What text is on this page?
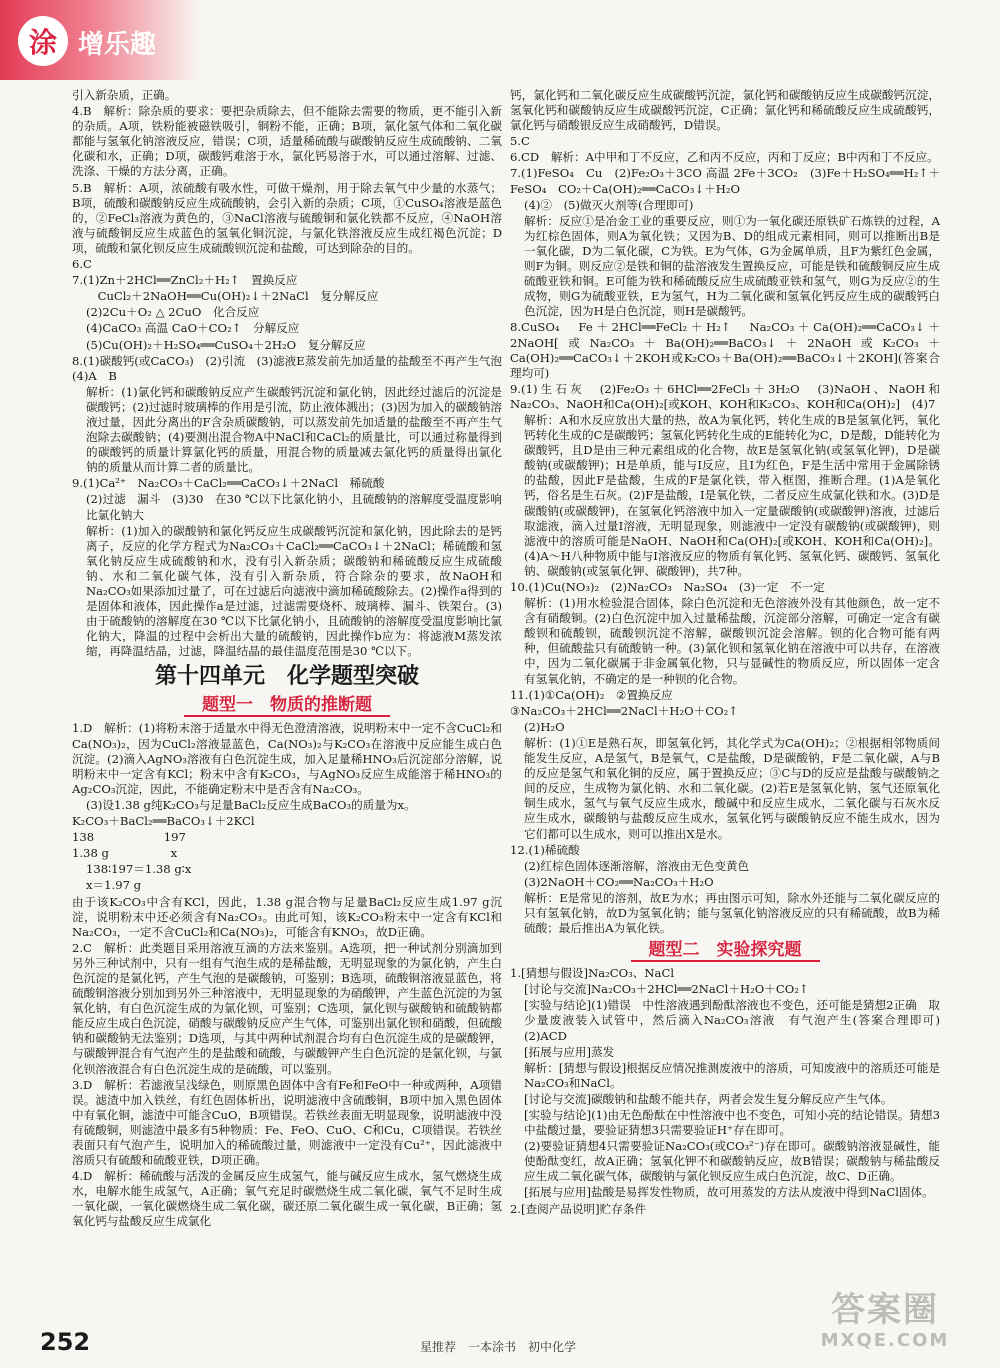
涂 增乐趣

引入新杂质，正确。

4.B　解析：除杂质的要求：要把杂质除去，但不能除去需要的物质，更不能引入新的杂质。A项，铁粉能被磁铁吸引，铜粉不能，正确；B项，氯化氢气体和二氧化碳都能与氢氧化钠溶液反应，错误；C项，适量稀硫酸与碳酸钠反应生成硫酸钠、二氧化碳和水，正确；D项，碳酸钙难溶于水，氯化钙易溶于水，可以通过溶解、过滤、洗涤、干燥的方法分离，正确。

5.B　解析：A项，浓硫酸有吸水性，可做干燥剂，用于除去氧气中少量的水蒸气；B项，硫酸和碳酸钠反应生成硫酸钠，会引入新的杂质；C项，①CuSO₄溶液是蓝色的，②FeCl₃溶液为黄色的，③NaCl溶液与硫酸铜和氯化铁都不反应，④NaOH溶液与硫酸铜反应生成蓝色的氢氧化铜沉淀，与氯化铁溶液反应生成红褐色沉淀；D项，硫酸和氯化钡反应生成硫酸钡沉淀和盐酸，可达到除杂的目的。

6.C

7.(1)Zn＋2HCl══ZnCl₂＋H₂↑　置换反应

　CuCl₂＋2NaOH══Cu(OH)₂↓＋2NaCl　复分解反应

(2)2Cu＋O₂ △ 2CuO　化合反应

(4)CaCO₃ 高温 CaO＋CO₂↑　分解反应

(5)Cu(OH)₂＋H₂SO₄══CuSO₄＋2H₂O　复分解反应

8.(1)碳酸钙(或CaCO₃)　(2)引流　(3)滤液E蒸发前先加适量的盐酸至不再产生气泡　(4)A　B

解析：(1)氯化钙和碳酸钠反应产生碳酸钙沉淀和氯化钠，因此经过滤后的沉淀是碳酸钙；(2)过滤时玻璃棒的作用是引流，防止液体溅出；(3)因为加入的碳酸钠溶液过量，因此分离出的F含杂质碳酸钠，可以蒸发前先加适量的盐酸至不再产生气泡除去碳酸钠；(4)要测出混合物A中NaCl和CaCl₂的质量比，可以通过称量得到的碳酸钙的质量计算氯化钙的质量，用混合物的质量减去氯化钙的质量得出氯化钠的质量从而计算二者的质量比。

9.(1)Ca²⁺　Na₂CO₃＋CaCl₂══CaCO₃↓＋2NaCl　稀硫酸

(2)过滤　漏斗　(3)30　在30 ℃以下比氯化钠小，且硫酸钠的溶解度受温度影响比氯化钠大

解析：(1)加入的碳酸钠和氯化钙反应生成碳酸钙沉淀和氯化钠，因此除去的是钙离子，反应的化学方程式为Na₂CO₃＋CaCl₂══CaCO₃↓＋2NaCl；稀硫酸和氢氧化钠反应生成硫酸钠和水，没有引入新杂质；碳酸钠和稀硫酸反应生成硫酸钠、水和二氧化碳气体，没有引入新杂质，符合除杂的要求，故NaOH和Na₂CO₃如果添加过量了，可在过滤后向滤液中滴加稀硫酸除去。(2)操作a得到的是固体和液体，因此操作a是过滤，过滤需要烧杯、玻璃棒、漏斗、铁架台。(3)由于硫酸钠的溶解度在30 ℃以下比氯化钠小，且硫酸钠的溶解度受温度影响比氯化钠大，降温的过程中会析出大量的硫酸钠，因此操作b应为：将滤液M蒸发浓缩，再降温结晶，过滤，降温结晶的最佳温度范围是30 ℃以下。

第十四单元　化学题型突破
题型一　物质的推断题

1.D　解析：(1)将粉末溶于适量水中得无色澄清溶液，说明粉末中一定不含CuCl₂和Ca(NO₃)₂，因为CuCl₂溶液显蓝色，Ca(NO₃)₂与K₂CO₃在溶液中反应能生成白色沉淀。(2)滴入AgNO₃溶液有白色沉淀生成，加入足量稀HNO₃后沉淀部分溶解，说明粉末中一定含有KCl；粉末中含有K₂CO₃，与AgNO₃反应生成能溶于稀HNO₃的Ag₂CO₃沉淀，因此，不能确定粉末中是否含有Na₂CO₃。

(3)设1.38 g纯K₂CO₃与足量BaCl₂反应生成BaCO₃的质量为x。

K₂CO₃＋BaCl₂══BaCO₃↓＋2KCl

138　　　　　　197

1.38 g　　　　　 x

138∶197＝1.38 g∶x

x＝1.97 g

由于该K₂CO₃中含有KCl，因此，1.38 g混合物与足量BaCl₂反应生成1.97 g沉淀，说明粉末中还必须含有Na₂CO₃。由此可知，该K₂CO₃粉末中一定含有KCl和Na₂CO₃，一定不含CuCl₂和Ca(NO₃)₂，可能含有KNO₃，故D正确。

2.C　解析：此类题目采用溶液互滴的方法来鉴别。A选项，把一种试剂分别滴加到另外三种试剂中，只有一组有气泡生成的是稀盐酸，无明显现象的为氯化钠，产生白色沉淀的是氯化钙，产生气泡的是碳酸钠，可鉴别；B选项，硫酸铜溶液显蓝色，将硫酸铜溶液分别加到另外三种溶液中，无明显现象的为硝酸钾，产生蓝色沉淀的为氢氧化钠，有白色沉淀生成的为氯化钡，可鉴别；C选项，氯化钡与碳酸钠和硫酸钠都能反应生成白色沉淀，硝酸与碳酸钠反应产生气体，可鉴别出氯化钡和硝酸，但硫酸钠和碳酸钠无法鉴别；D选项，与其中两种试剂混合均有白色沉淀生成的是碳酸钾，与碳酸钾混合有气泡产生的是盐酸和硫酸，与碳酸钾产生白色沉淀的是氯化钡，与氯化钡溶液混合有白色沉淀生成的是硫酸，可以鉴别。

3.D　解析：若滤液呈浅绿色，则原黑色固体中含有Fe和FeO中一种或两种，A项错误。滤渣中加入铁丝，有红色固体析出，说明滤液中含硫酸铜，B项中加入黑色固体中有氧化铜，滤渣中可能含CuO，B项错误。若铁丝表面无明显现象，说明滤液中没有硫酸铜，则滤渣中最多有5种物质：Fe、FeO、CuO、C和Cu，C项错误。若铁丝表面只有气泡产生，说明加入的稀硫酸过量，则滤液中一定没有Cu²⁺，因此滤液中溶质只有硫酸和硫酸亚铁，D项正确。

4.D　解析：稀硫酸与活泼的金属反应生成氢气，能与碱反应生成水，氢气燃烧生成水，电解水能生成氢气，A正确；氧气充足时碳燃烧生成二氧化碳，氧气不足时生成一氧化碳，一氧化碳燃烧生成二氧化碳，碳还原二氧化碳生成一氧化碳，B正确；氢氧化钙与盐酸反应生成氯化

钙，氯化钙和二氧化碳反应生成碳酸钙沉淀，氯化钙和碳酸钠反应生成碳酸钙沉淀，氢氧化钙和碳酸钠反应生成碳酸钙沉淀，C正确；氯化钙和稀硫酸反应生成硫酸钙，氯化钙与硝酸银反应生成硝酸钙，D错误。

5.C

6.CD　解析：A中甲和丁不反应，乙和丙不反应，丙和丁反应；B中丙和丁不反应。

7.(1)FeSO₄　Cu　(2)Fe₂O₃＋3CO 高温 2Fe＋3CO₂　(3)Fe＋H₂SO₄══H₂↑＋FeSO₄　CO₂＋Ca(OH)₂══CaCO₃↓＋H₂O

(4)②　(5)做灭火剂等(合理即可)

解析：反应①是冶金工业的重要反应，则①为一氧化碳还原铁矿石炼铁的过程，A为红棕色固体，则A为氧化铁；又因为B、D的组成元素相同，则可以推断出B是一氧化碳，D为二氧化碳，C为铁。E为气体，G为金属单质，且F为紫红色金属，则F为铜。则反应②是铁和铜的盐溶液发生置换反应，可能是铁和硫酸铜反应生成硫酸亚铁和铜。E可能为铁和稀硫酸反应生成硫酸亚铁和氢气，则G为反应②的生成物，则G为硫酸亚铁，E为氢气，H为二氧化碳和氢氧化钙反应生成的碳酸钙白色沉淀，因为H是白色沉淀，则H是碳酸钙。

8.CuSO₄　Fe＋2HCl══FeCl₂＋H₂↑　Na₂CO₃＋Ca(OH)₂══CaCO₃↓＋2NaOH[或Na₂CO₃＋Ba(OH)₂══BaCO₃↓＋2NaOH或K₂CO₃＋Ca(OH)₂══CaCO₃↓＋2KOH或K₂CO₃＋Ba(OH)₂══BaCO₃↓＋2KOH](答案合理均可)

9.(1)生石灰　(2)Fe₂O₃＋6HCl══2FeCl₃＋3H₂O　(3)NaOH、NaOH和Na₂CO₃、NaOH和Ca(OH)₂[或KOH、KOH和K₂CO₃、KOH和Ca(OH)₂]　(4)7

解析：A和水反应放出大量的热，故A为氧化钙，转化生成的B是氢氧化钙，氧化钙转化生成的C是碳酸钙；氢氧化钙转化生成的E能转化为C，D是酸，D能转化为碳酸钙，且D是由三种元素组成的化合物，故E是氢氧化钠(或氢氧化钾)，D是碳酸钠(或碳酸钾)；H是单质，能与I反应，且I为红色，F是生活中常用于金属除锈的盐酸，因此F是盐酸，生成的F是氯化铁，带入框图，推断合理。(1)A是氧化钙，俗名是生石灰。(2)F是盐酸，I是氧化铁，二者反应生成氯化铁和水。(3)D是碳酸钠(或碳酸钾)，在氢氧化钙溶液中加入一定量碳酸钠(或碳酸钾)溶液，过滤后取滤液，滴入过量I溶液，无明显现象，则滤液中一定没有碳酸钠(或碳酸钾)，则滤液中的溶质可能是NaOH、NaOH和Ca(OH)₂[或KOH、KOH和Ca(OH)₂]。(4)A～H八种物质中能与I溶液反应的物质有氧化钙、氢氧化钙、碳酸钙、氢氧化钠、碳酸钠(或氢氧化钾、碳酸钾)，共7种。

10.(1)Cu(NO₃)₂　(2)Na₂CO₃　Na₂SO₄　(3)一定　不一定

解析：(1)用水检验混合固体，除白色沉淀和无色溶液外没有其他颜色，故一定不含有硝酸铜。(2)白色沉淀中加入过量稀盐酸，沉淀部分溶解，可确定一定含有碳酸钡和硫酸钡，硫酸钡沉淀不溶解，碳酸钡沉淀会溶解。钡的化合物可能有两种，但硫酸盐只有硫酸钠一种。(3)氯化钡和氢氧化钠在溶液中可以共存，在溶液中，因为二氧化碳属于非金属氧化物，只与显碱性的物质反应，所以固体一定含有氢氧化钠，不确定的是一种钡的化合物。

11.(1)①Ca(OH)₂　②置换反应

③Na₂CO₃＋2HCl══2NaCl＋H₂O＋CO₂↑

(2)H₂O

解析：(1)①E是熟石灰，即氢氧化钙，其化学式为Ca(OH)₂；②根据相邻物质间能发生反应，A是氢气，B是氧气，C是盐酸，D是碳酸钠，F是二氧化碳，A与B的反应是氢气和氧化铜的反应，属于置换反应；③C与D的反应是盐酸与碳酸钠之间的反应，生成物为氯化钠、水和二氧化碳。(2)若E是氢氧化钠，氢气还原氧化铜生成水，氢气与氧气反应生成水，酸碱中和反应生成水，二氧化碳与石灰水反应生成水，碳酸钠与盐酸反应生成水，氢氧化钙与碳酸钠反应不能生成水，因为它们都可以生成水，则可以推出X是水。

12.(1)稀硫酸

(2)红棕色固体逐渐溶解，溶液由无色变黄色

(3)2NaOH＋CO₂══Na₂CO₃＋H₂O

解析：E是常见的溶剂，故E为水；再由图示可知，除水外还能与二氧化碳反应的只有氢氧化钠，故D为氢氧化钠；能与氢氧化钠溶液反应的只有稀硫酸，故B为稀硫酸；最后推出A为氧化铁。

题型二　实验探究题

1.[猜想与假设]Na₂CO₃、NaCl

[讨论与交流]Na₂CO₃＋2HCl══2NaCl＋H₂O＋CO₂↑

[实验与结论](1)错误　中性溶液遇到酚酞溶液也不变色，还可能是猜想2正确　取少量废液装入试管中，然后滴入Na₂CO₃溶液　有气泡产生(答案合理即可)　(2)ACD

[拓展与应用]蒸发

解析：[猜想与假设]根据反应情况推测废液中的溶质，可知废液中的溶质还可能是Na₂CO₃和NaCl。

[讨论与交流]碳酸钠和盐酸不能共存，两者会发生复分解反应产生气体。

[实验与结论](1)由无色酚酞在中性溶液中也不变色，可知小亮的结论错误。猜想3中盐酸过量，要验证猜想3只需要验证H⁺存在即可。

(2)要验证猜想4只需要验证Na₂CO₃(或CO₃²⁻)存在即可。碳酸钠溶液显碱性，能使酚酞变红，故A正确；氢氧化钾不和碳酸钠反应，故B错误；碳酸钠与稀盐酸反应生成二氧化碳气体，碳酸钠与氯化钡反应生成白色沉淀，故C、D正确。

[拓展与应用]盐酸是易挥发性物质，故可用蒸发的方法从废液中得到NaCl固体。

2.[查阅产品说明]贮存条件

252	星推荐　一本涂书　初中化学
答案圈
MXQE.COM
